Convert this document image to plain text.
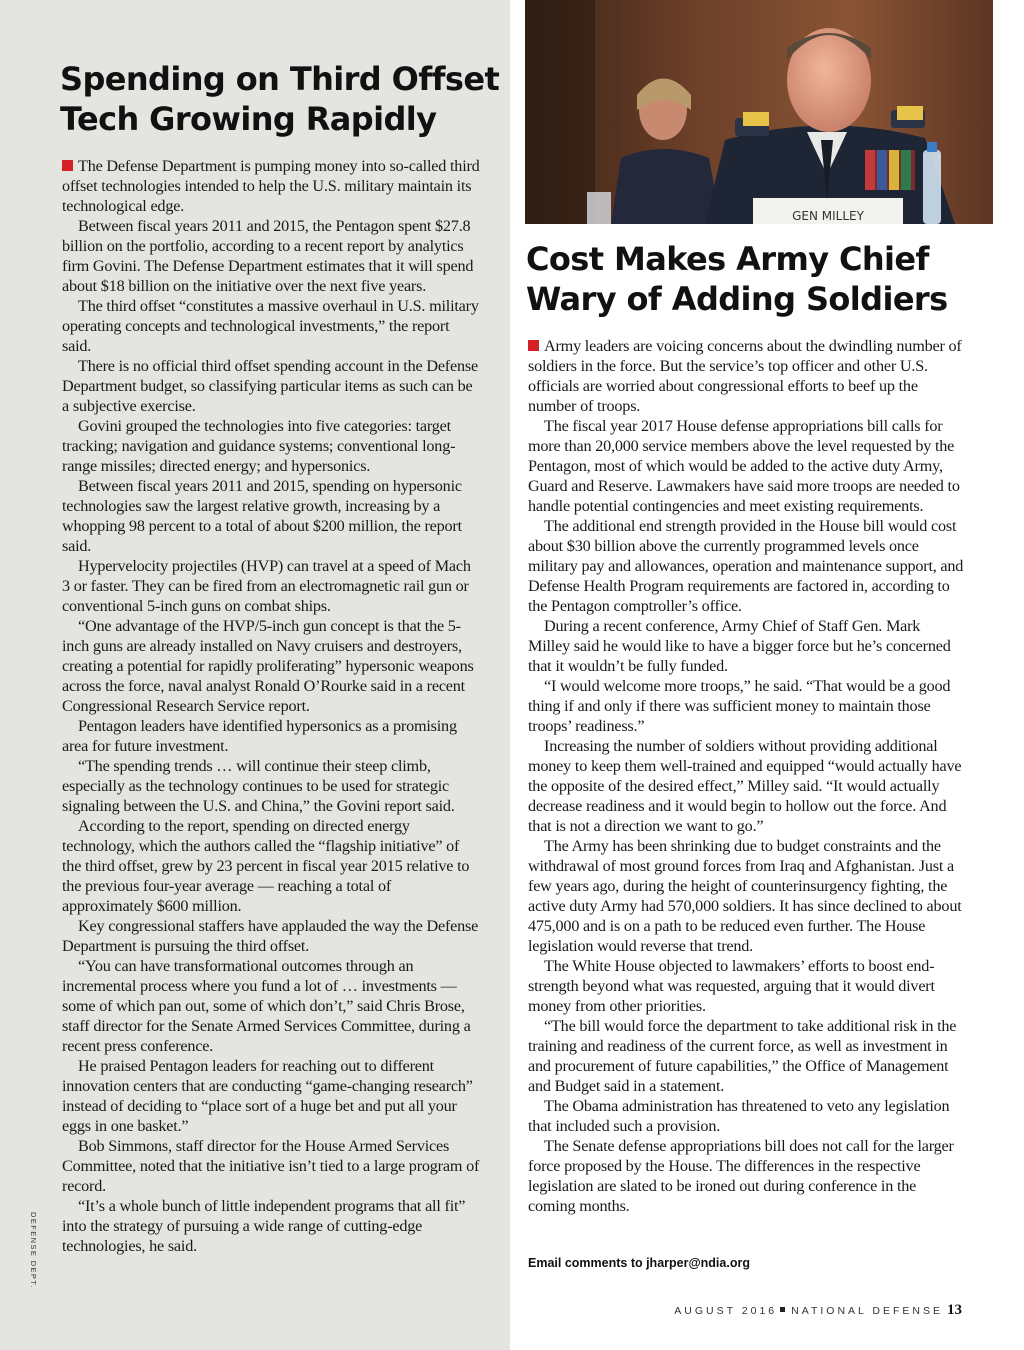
Spending on Third Offset Tech Growing Rapidly

The Defense Department is pumping money into so-called third offset technologies intended to help the U.S. military maintain its technological edge.

Between fiscal years 2011 and 2015, the Pentagon spent $27.8 billion on the portfolio, according to a recent report by analytics firm Govini. The Defense Department estimates that it will spend about $18 billion on the initiative over the next five years.

The third offset “constitutes a massive overhaul in U.S. military operating concepts and technological investments,” the report said.

There is no official third offset spending account in the Defense Department budget, so classifying particular items as such can be a subjective exercise.

Govini grouped the technologies into five categories: target tracking; navigation and guidance systems; conventional long-range missiles; directed energy; and hypersonics.

Between fiscal years 2011 and 2015, spending on hypersonic technologies saw the largest relative growth, increasing by a whopping 98 percent to a total of about $200 million, the report said.

Hypervelocity projectiles (HVP) can travel at a speed of Mach 3 or faster. They can be fired from an electromagnetic rail gun or conventional 5-inch guns on combat ships.

“One advantage of the HVP/5-inch gun concept is that the 5-inch guns are already installed on Navy cruisers and destroyers, creating a potential for rapidly proliferating” hypersonic weapons across the force, naval analyst Ronald O’Rourke said in a recent Congressional Research Service report.

Pentagon leaders have identified hypersonics as a promising area for future investment.

“The spending trends … will continue their steep climb, especially as the technology continues to be used for strategic signaling between the U.S. and China,” the Govini report said.

According to the report, spending on directed energy technology, which the authors called the “flagship initiative” of the third offset, grew by 23 percent in fiscal year 2015 relative to the previous four-year average — reaching a total of approximately $600 million.

Key congressional staffers have applauded the way the Defense Department is pursuing the third offset.

“You can have transformational outcomes through an incremental process where you fund a lot of … investments — some of which pan out, some of which don’t,” said Chris Brose, staff director for the Senate Armed Services Committee, during a recent press conference.

He praised Pentagon leaders for reaching out to different innovation centers that are conducting “game-changing research” instead of deciding to “place sort of a huge bet and put all your eggs in one basket.”

Bob Simmons, staff director for the House Armed Services Committee, noted that the initiative isn’t tied to a large program of record.

“It’s a whole bunch of little independent programs that all fit” into the strategy of pursuing a wide range of cutting-edge technologies, he said.

DEFENSE DEPT.
GEN MILLEY
Cost Makes Army Chief Wary of Adding Soldiers

Army leaders are voicing concerns about the dwindling number of soldiers in the force. But the service’s top officer and other U.S. officials are worried about congressional efforts to beef up the number of troops.

The fiscal year 2017 House defense appropriations bill calls for more than 20,000 service members above the level requested by the Pentagon, most of which would be added to the active duty Army, Guard and Reserve. Lawmakers have said more troops are needed to handle potential contingencies and meet existing requirements.

The additional end strength provided in the House bill would cost about $30 billion above the currently programmed levels once military pay and allowances, operation and maintenance support, and Defense Health Program requirements are factored in, according to the Pentagon comptroller’s office.

During a recent conference, Army Chief of Staff Gen. Mark Milley said he would like to have a bigger force but he’s concerned that it wouldn’t be fully funded.

“I would welcome more troops,” he said. “That would be a good thing if and only if there was sufficient money to maintain those troops’ readiness.”

Increasing the number of soldiers without providing additional money to keep them well-trained and equipped “would actually have the opposite of the desired effect,” Milley said. “It would actually decrease readiness and it would begin to hollow out the force. And that is not a direction we want to go.”

The Army has been shrinking due to budget constraints and the withdrawal of most ground forces from Iraq and Afghanistan. Just a few years ago, during the height of counterinsurgency fighting, the active duty Army had 570,000 soldiers. It has since declined to about 475,000 and is on a path to be reduced even further. The House legislation would reverse that trend.

The White House objected to lawmakers’ efforts to boost end-strength beyond what was requested, arguing that it would divert money from other priorities.

“The bill would force the department to take additional risk in the training and readiness of the current force, as well as investment in and procurement of future capabilities,” the Office of Management and Budget said in a statement.

The Obama administration has threatened to veto any legislation that included such a provision.

The Senate defense appropriations bill does not call for the larger force proposed by the House. The differences in the respective legislation are slated to be ironed out during conference in the coming months.

Email comments to jharper@ndia.org
AUGUST 2016 NATIONAL DEFENSE 13
